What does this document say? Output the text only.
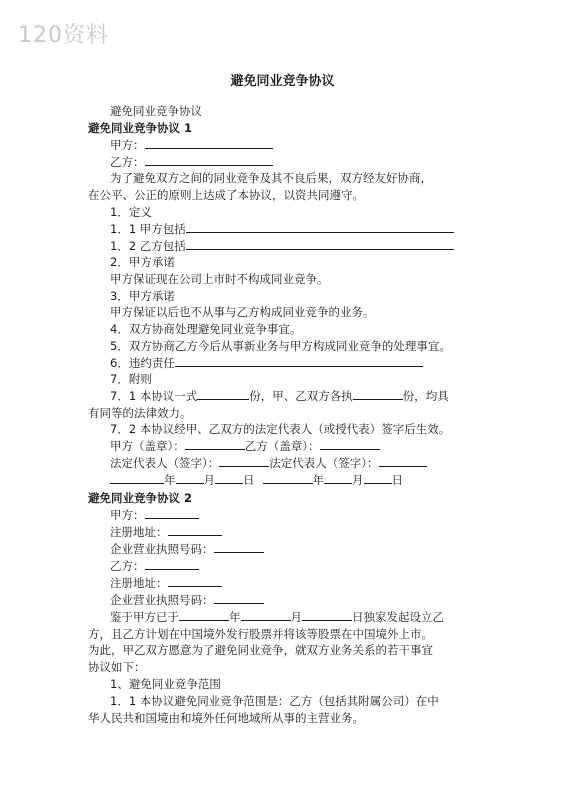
120资料
避免同业竞争协议
避免同业竞争协议
避免同业竞争协议 1
甲方：
乙方：
为了避免双方之间的同业竞争及其不良后果，双方经友好协商，
在公平、公正的原则上达成了本协议，以资共同遵守。
1．定义
1．1 甲方包括
1．2 乙方包括
2．甲方承诺
甲方保证现在公司上市时不构成同业竞争。
3．甲方承诺
甲方保证以后也不从事与乙方构成同业竞争的业务。
4．双方协商处理避免同业竞争事宜。
5．双方协商乙方今后从事新业务与甲方构成同业竞争的处理事宜。
6．违约责任
7．附则
7．1 本协议一式	份，甲、乙双方各执	份，均具
有同等的法律效力。
7．2 本协议经甲、乙双方的法定代表人（或授代表）签字后生效。
甲方（盖章）：	乙方（盖章）：
法定代表人（签字）：	法定代表人（签字）：
年 月 日	年 月 日
避免同业竞争协议 2
甲方：
注册地址：
企业营业执照号码：
乙方：
注册地址：
企业营业执照号码：
鉴于甲方已于	年	月	日独家发起设立乙
方，且乙方计划在中国境外发行股票并将该等股票在中国境外上市。
为此，甲乙双方愿意为了避免同业竞争，就双方业务关系的若干事宜
协议如下：
1、避免同业竞争范围
1．1 本协议避免同业竞争范围是：乙方（包括其附属公司）在中
华人民共和国境由和境外任何地域所从事的主营业务。
